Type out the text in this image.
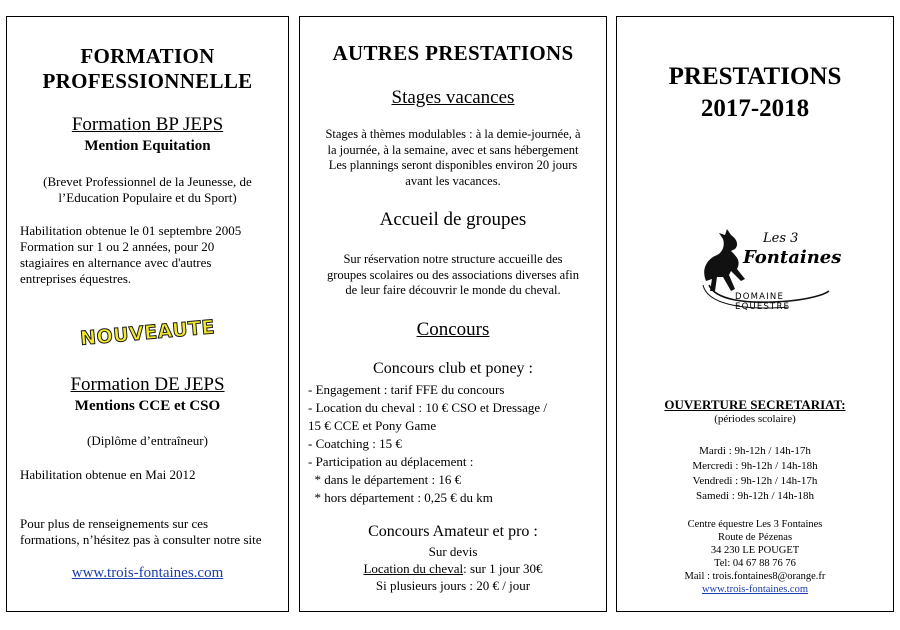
FORMATION
PROFESSIONNELLE
Formation BP JEPS
Mention Equitation
(Brevet Professionnel de la Jeunesse, de
l’Education Populaire et du Sport)
Habilitation obtenue le 01 septembre 2005
Formation sur 1 ou 2 années, pour 20
stagiaires en alternance avec d'autres
entreprises équestres.
NOUVEAUTE
Formation DE JEPS
Mentions CCE et CSO
(Diplôme d’entraîneur)
Habilitation obtenue en Mai 2012
Pour plus de renseignements sur ces
formations, n’hésitez pas à consulter notre site
www.trois-fontaines.com
AUTRES PRESTATIONS
Stages vacances
Stages à thèmes modulables : à la demie-journée, à
la journée, à la semaine, avec et sans hébergement
Les plannings seront disponibles environ 20 jours
avant les vacances.
Accueil de groupes
Sur réservation notre structure accueille des
groupes scolaires ou des associations diverses afin
de leur faire découvrir le monde du cheval.
Concours
Concours club et poney :
- Engagement : tarif FFE du concours
- Location du cheval : 10 € CSO et Dressage /
15 € CCE et Pony Game
- Coatching : 15 €
- Participation au déplacement :
* dans le département : 16 €
* hors département : 0,25 € du km
Concours Amateur et pro :
Sur devis
Location du cheval: sur 1 jour 30€
Si plusieurs jours : 20 € / jour
PRESTATIONS
2017-2018
Les 3
Fontaines
DOMAINE EQUESTRE
OUVERTURE SECRETARIAT:
(périodes scolaire)
Mardi : 9h-12h / 14h-17h
Mercredi : 9h-12h / 14h-18h
Vendredi : 9h-12h / 14h-17h
Samedi : 9h-12h / 14h-18h
Centre équestre Les 3 Fontaines
Route de Pézenas
34 230 LE POUGET
Tel: 04 67 88 76 76
Mail : trois.fontaines8@orange.fr
www.trois-fontaines.com
